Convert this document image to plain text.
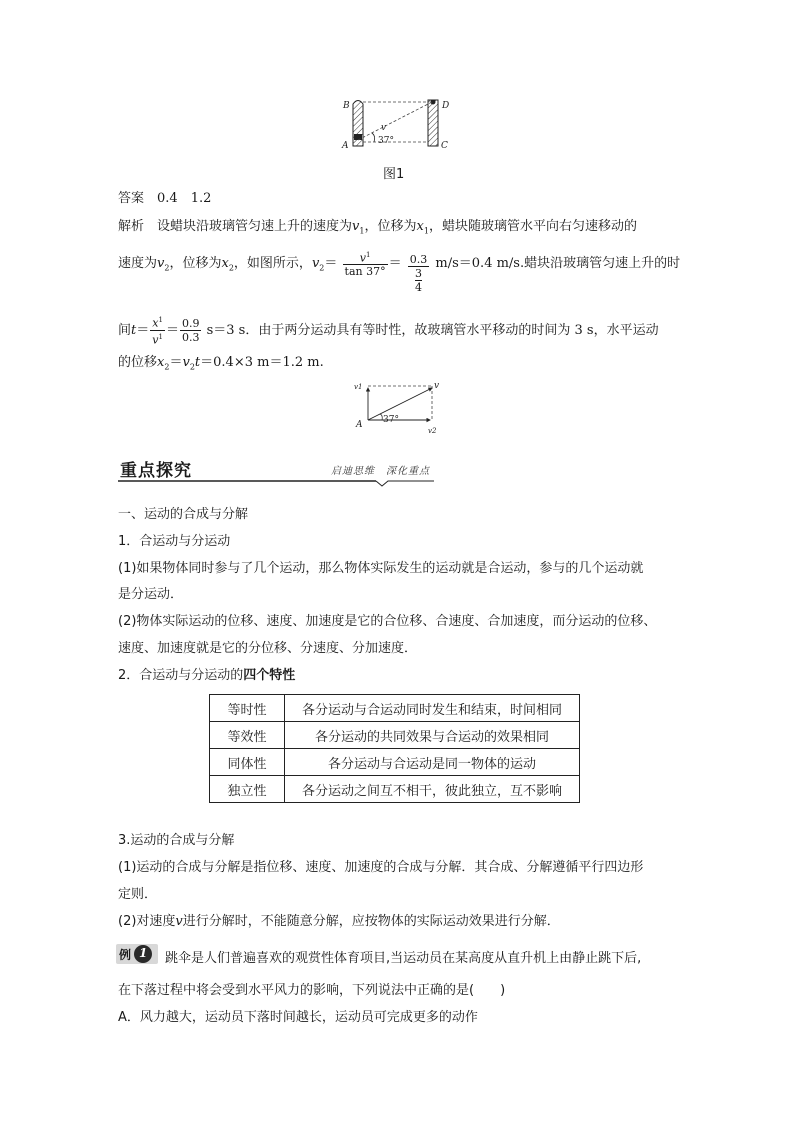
B	D
A	C
v
37°
图1
答案　 0.4　1.2
解析　 设蜡块沿玻璃管匀速上升的速度为$v_1$，位移为$x_1$，蜡块随玻璃管水平向右匀速移动的
速度为$v_2$，位移为$x_2$，如图所示，$v_2= \frac{v^1}{\tan 37^\circ} = \frac{0.3}{\frac{3}{4}} m/s=0.4$ m/s.蜡块沿玻璃管匀速上升的时
间$t= \frac{x^1}{v^1} = \frac{0.9}{0.3} s=3$ s．由于两分运动具有等时性，故玻璃管水平移动的时间为 3 s，水平运动
的位移$x_2=v_2t=0.4\times 3$ m＝1.2 m.
v1	v
A 37°
v2
重点探究	启迪思维　深化重点
一、运动的合成与分解
1．合运动与分运动
(1)如果物体同时参与了几个运动，那么物体实际发生的运动就是合运动，参与的几个运动就
是分运动．
(2)物体实际运动的位移、速度、加速度是它的合位移、合速度、合加速度，而分运动的位移、
速度、加速度就是它的分位移、分速度、分加速度．
2．合运动与分运动的四个特性
等时性	各分运动与合运动同时发生和结束，时间相同
等效性	各分运动的共同效果与合运动的效果相同
同体性	各分运动与合运动是同一物体的运动
独立性	各分运动之间互不相干，彼此独立，互不影响
3.运动的合成与分解
(1)运动的合成与分解是指位移、速度、加速度的合成与分解．其合成、分解遵循平行四边形
定则．
(2)对速度v进行分解时，不能随意分解，应按物体的实际运动效果进行分解．
例 1 跳伞是人们普遍喜欢的观赏性体育项目,当运动员在某高度从直升机上由静止跳下后,
在下落过程中将会受到水平风力的影响，下列说法中正确的是(　　)
A．风力越大，运动员下落时间越长，运动员可完成更多的动作
